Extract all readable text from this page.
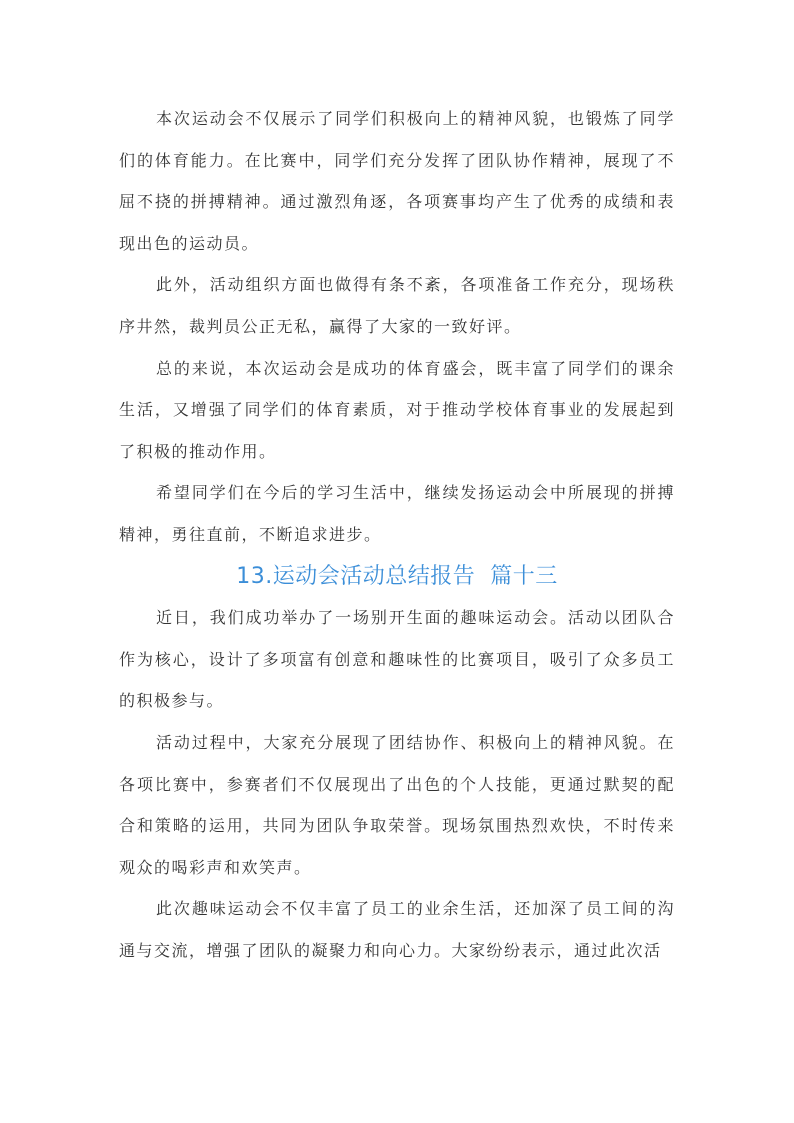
本次运动会不仅展示了同学们积极向上的精神风貌，也锻炼了同学们的体育能力。在比赛中，同学们充分发挥了团队协作精神，展现了不屈不挠的拼搏精神。通过激烈角逐，各项赛事均产生了优秀的成绩和表现出色的运动员。

此外，活动组织方面也做得有条不紊，各项准备工作充分，现场秩序井然，裁判员公正无私，赢得了大家的一致好评。

总的来说，本次运动会是成功的体育盛会，既丰富了同学们的课余生活，又增强了同学们的体育素质，对于推动学校体育事业的发展起到了积极的推动作用。

希望同学们在今后的学习生活中，继续发扬运动会中所展现的拼搏精神，勇往直前，不断追求进步。

13.运动会活动总结报告  篇十三

近日，我们成功举办了一场别开生面的趣味运动会。活动以团队合作为核心，设计了多项富有创意和趣味性的比赛项目，吸引了众多员工的积极参与。

活动过程中，大家充分展现了团结协作、积极向上的精神风貌。在各项比赛中，参赛者们不仅展现出了出色的个人技能，更通过默契的配合和策略的运用，共同为团队争取荣誉。现场氛围热烈欢快，不时传来观众的喝彩声和欢笑声。

此次趣味运动会不仅丰富了员工的业余生活，还加深了员工间的沟通与交流，增强了团队的凝聚力和向心力。大家纷纷表示，通过此次活
